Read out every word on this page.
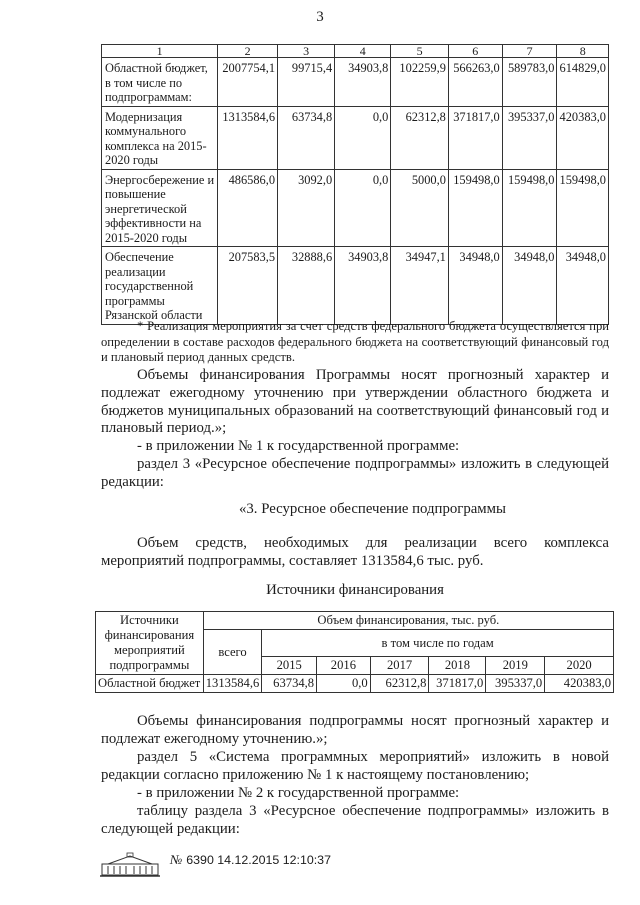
3
1	2	3	4	5	6	7	8
Областной бюджет, в том числе по подпрограммам:	2007754,1	99715,4	34903,8	102259,9	566263,0	589783,0	614829,0
Модернизация коммунального комплекса на 2015-2020 годы	1313584,6	63734,8	0,0	62312,8	371817,0	395337,0	420383,0
Энергосбережение и повышение энергетической эффективности на 2015-2020 годы	486586,0	3092,0	0,0	5000,0	159498,0	159498,0	159498,0
Обеспечение реализации государственной программы Рязанской области	207583,5	32888,6	34903,8	34947,1	34948,0	34948,0	34948,0
* Реализация мероприятия за счет средств федерального бюджета осуществляется при определении в составе расходов федерального бюджета на соответствующий финансовый год и плановый период данных средств.
Объемы финансирования Программы носят прогнозный характер и подлежат ежегодному уточнению при утверждении областного бюджета и бюджетов муниципальных образований на соответствующий финансовый год и плановый период.»;
- в приложении № 1 к государственной программе:
раздел 3 «Ресурсное обеспечение подпрограммы» изложить в следующей редакции:
«3. Ресурсное обеспечение подпрограммы
Объем средств, необходимых для реализации всего комплекса мероприятий подпрограммы, составляет 1313584,6 тыс. руб.
Источники финансирования
Источники финансирования мероприятий подпрограммы	Объем финансирования, тыс. руб.						
	всего	в том числе по годам					
		2015	2016	2017	2018	2019	2020
Областной бюджет	1313584,6	63734,8	0,0	62312,8	371817,0	395337,0	420383,0
Объемы финансирования подпрограммы носят прогнозный характер и подлежат ежегодному уточнению.»;
раздел 5 «Система программных мероприятий» изложить в новой редакции согласно приложению № 1 к настоящему постановлению;
- в приложении № 2 к государственной программе:
таблицу раздела 3 «Ресурсное обеспечение подпрограммы» изложить в следующей редакции:
№ 6390 14.12.2015 12:10:37
